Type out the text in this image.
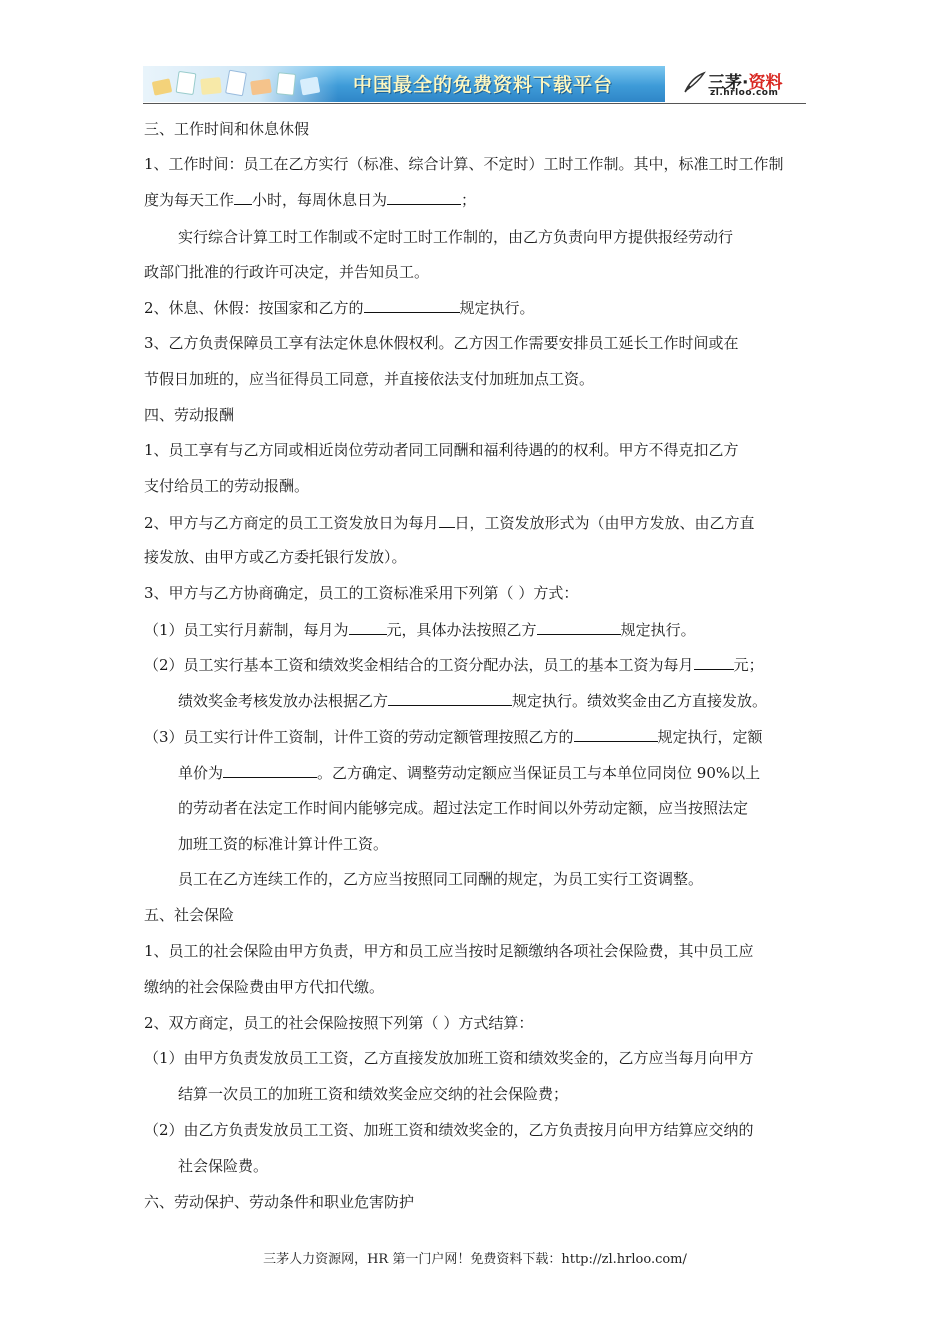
中国最全的免费资料下载平台	三茅·资料
zl.hrloo.com
三、工作时间和休息休假
1、工作时间：员工在乙方实行（标准、综合计算、不定时）工时工作制。其中，标准工时工作制
度为每天工作 小时，每周休息日为	；
实行综合计算工时工作制或不定时工时工作制的，由乙方负责向甲方提供报经劳动行
政部门批准的行政许可决定，并告知员工。
2、休息、休假：按国家和乙方的	规定执行。
3、乙方负责保障员工享有法定休息休假权利。乙方因工作需要安排员工延长工作时间或在
节假日加班的，应当征得员工同意，并直接依法支付加班加点工资。
四、劳动报酬
1、员工享有与乙方同或相近岗位劳动者同工同酬和福利待遇的的权利。甲方不得克扣乙方
支付给员工的劳动报酬。
2、甲方与乙方商定的员工工资发放日为每月 日，工资发放形式为（由甲方发放、由乙方直
接发放、由甲方或乙方委托银行发放）。
3、甲方与乙方协商确定，员工的工资标准采用下列第（ ）方式：
（1）员工实行月薪制，每月为	元，具体办法按照乙方	规定执行。
（2）员工实行基本工资和绩效奖金相结合的工资分配办法，员工的基本工资为每月	元；
绩效奖金考核发放办法根据乙方	规定执行。绩效奖金由乙方直接发放。
（3）员工实行计件工资制，计件工资的劳动定额管理按照乙方的	规定执行，定额
单价为	。乙方确定、调整劳动定额应当保证员工与本单位同岗位 90%以上
的劳动者在法定工作时间内能够完成。超过法定工作时间以外劳动定额，应当按照法定
加班工资的标准计算计件工资。
员工在乙方连续工作的，乙方应当按照同工同酬的规定，为员工实行工资调整。
五、社会保险
1、员工的社会保险由甲方负责，甲方和员工应当按时足额缴纳各项社会保险费，其中员工应
缴纳的社会保险费由甲方代扣代缴。
2、双方商定，员工的社会保险按照下列第（ ）方式结算：
（1）由甲方负责发放员工工资，乙方直接发放加班工资和绩效奖金的，乙方应当每月向甲方
结算一次员工的加班工资和绩效奖金应交纳的社会保险费；
（2）由乙方负责发放员工工资、加班工资和绩效奖金的，乙方负责按月向甲方结算应交纳的
社会保险费。
六、劳动保护、劳动条件和职业危害防护
三茅人力资源网，HR 第一门户网！免费资料下载：http://zl.hrloo.com/
